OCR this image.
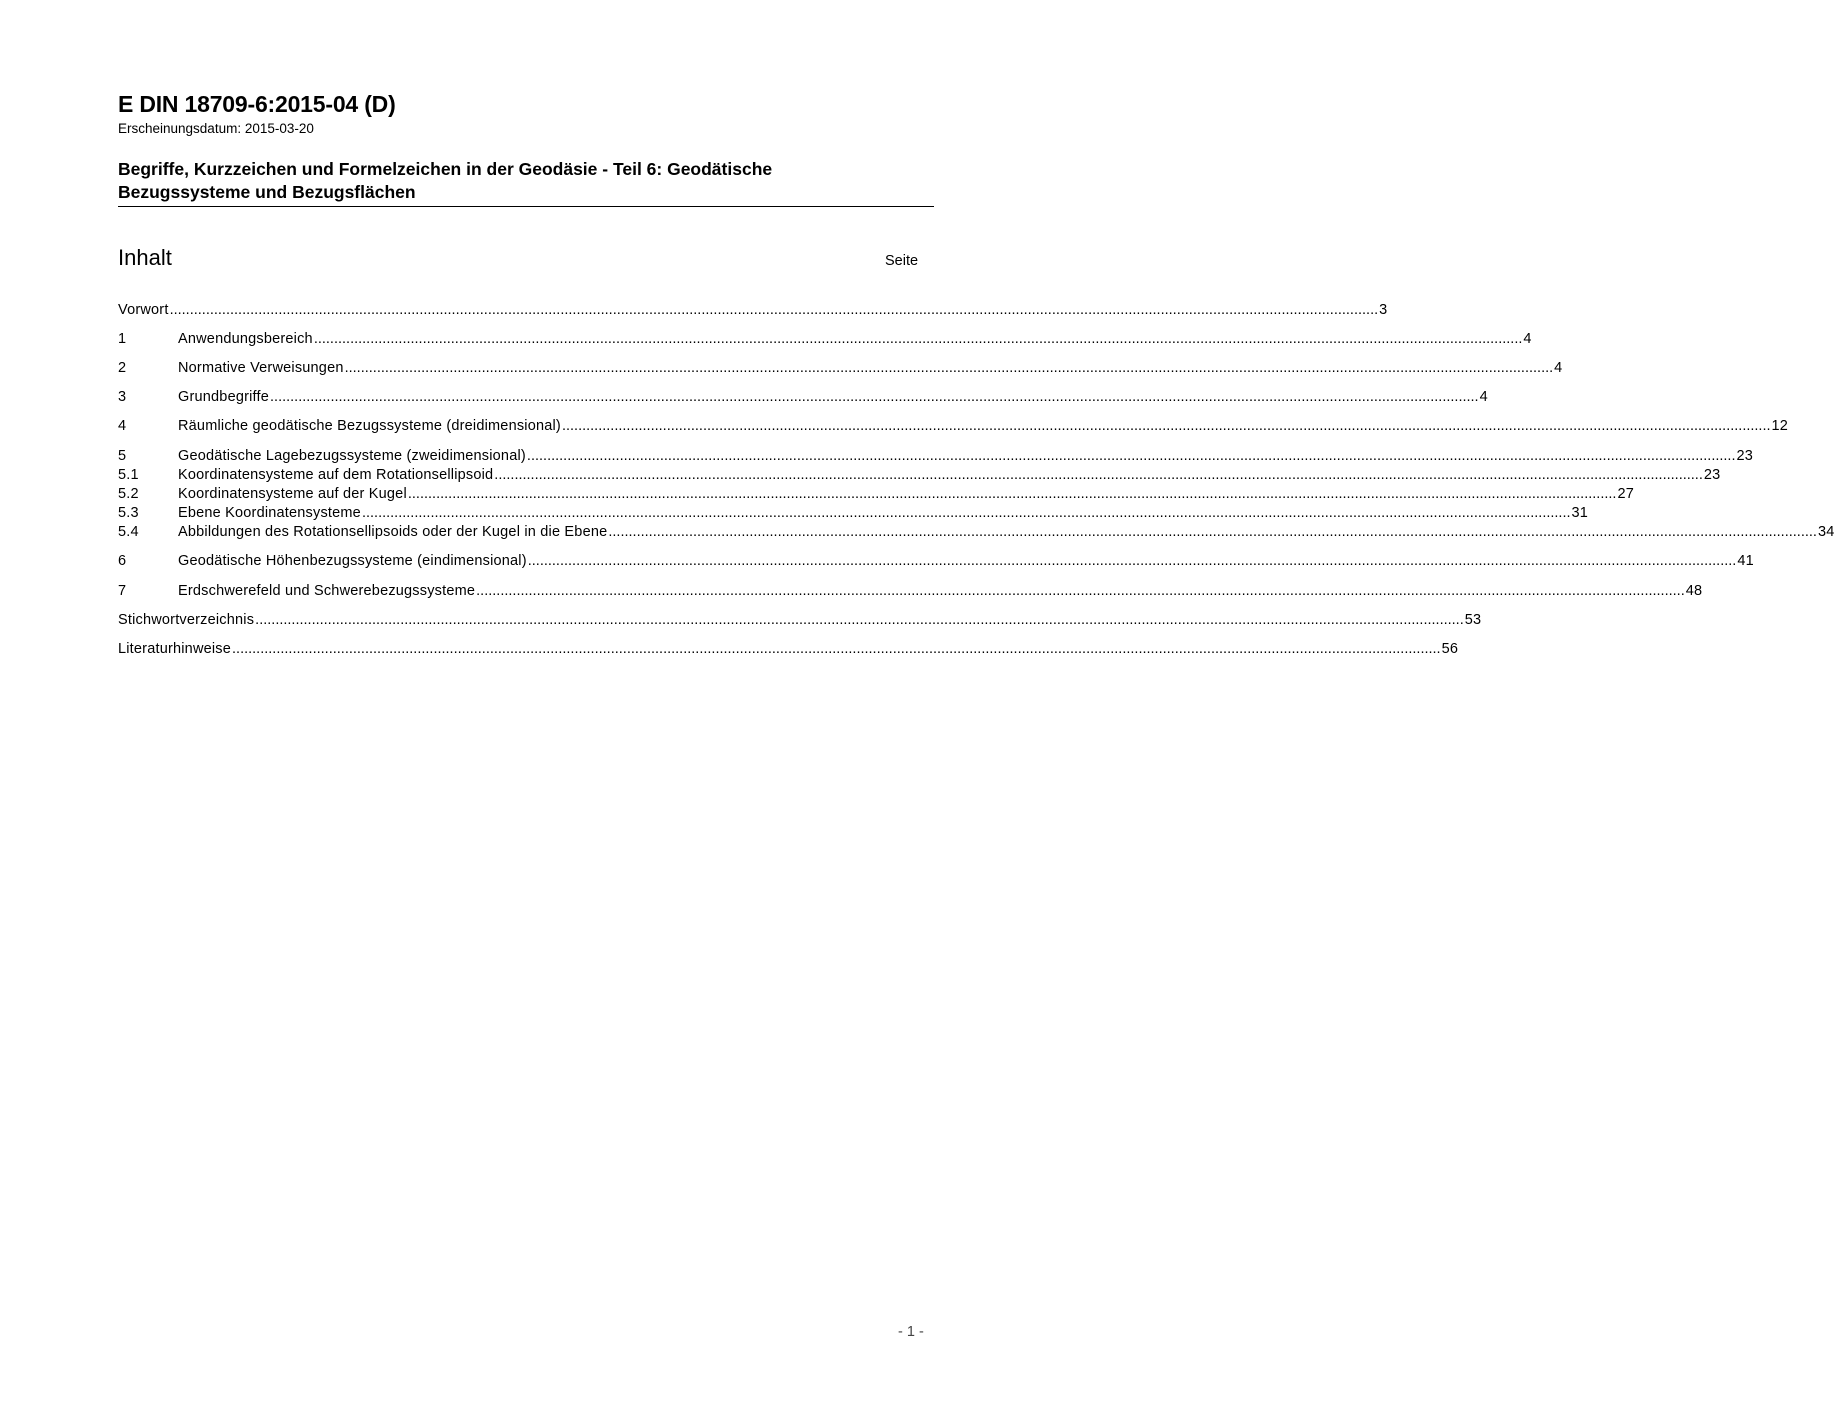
E DIN 18709-6:2015-04 (D)
Erscheinungsdatum: 2015-03-20
Begriffe, Kurzzeichen und Formelzeichen in der Geodäsie - Teil 6: Geodätische Bezugssysteme und Bezugsflächen
Inhalt	Seite
Vorwort ............................................................................................................................................................................................................................................................................................................ 3
1	Anwendungsbereich ............................................................................................................................................................................................................................................................................................................ 4
2	Normative Verweisungen ............................................................................................................................................................................................................................................................................................................ 4
3	Grundbegriffe ............................................................................................................................................................................................................................................................................................................ 4
4	Räumliche geodätische Bezugssysteme (dreidimensional) ............................................................................................................................................................................................................................................................................................................ 12
5	Geodätische Lagebezugssysteme (zweidimensional) ............................................................................................................................................................................................................................................................................................................ 23
5.1	Koordinatensysteme auf dem Rotationsellipsoid ............................................................................................................................................................................................................................................................................................................ 23
5.2	Koordinatensysteme auf der Kugel ............................................................................................................................................................................................................................................................................................................ 27
5.3	Ebene Koordinatensysteme ............................................................................................................................................................................................................................................................................................................ 31
5.4	Abbildungen des Rotationsellipsoids oder der Kugel in die Ebene ............................................................................................................................................................................................................................................................................................................ 34
6	Geodätische Höhenbezugssysteme (eindimensional) ............................................................................................................................................................................................................................................................................................................ 41
7	Erdschwerefeld und Schwerebezugssysteme ............................................................................................................................................................................................................................................................................................................ 48
Stichwortverzeichnis ............................................................................................................................................................................................................................................................................................................ 53
Literaturhinweise ............................................................................................................................................................................................................................................................................................................ 56
- 1 -
